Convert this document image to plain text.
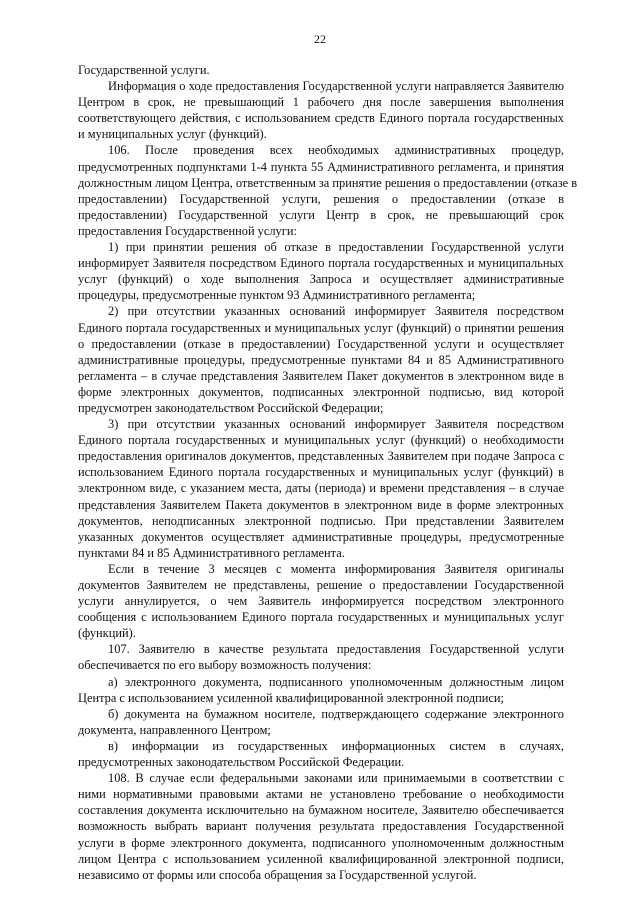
22
Государственной услуги.
Информация о ходе предоставления Государственной услуги направляется Заявителю
Центром в срок, не превышающий 1 рабочего дня после завершения выполнения
соответствующего действия, с использованием средств Единого портала государственных
и муниципальных услуг (функций).
106. После проведения всех необходимых административных процедур,
предусмотренных подпунктами 1-4 пункта 55 Административного регламента, и принятия
должностным лицом Центра, ответственным за принятие решения о предоставлении (отказе в
предоставлении) Государственной услуги, решения о предоставлении (отказе в
предоставлении) Государственной услуги Центр в срок, не превышающий срок
предоставления Государственной услуги:
1) при принятии решения об отказе в предоставлении Государственной услуги
информирует Заявителя посредством Единого портала государственных и муниципальных
услуг (функций) о ходе выполнения Запроса и осуществляет административные
процедуры, предусмотренные пунктом 93 Административного регламента;
2) при отсутствии указанных оснований информирует Заявителя посредством
Единого портала государственных и муниципальных услуг (функций) о принятии решения
о предоставлении (отказе в предоставлении) Государственной услуги и осуществляет
административные процедуры, предусмотренные пунктами 84 и 85 Административного
регламента – в случае представления Заявителем Пакет документов в электронном виде в
форме электронных документов, подписанных электронной подписью, вид которой
предусмотрен законодательством Российской Федерации;
3) при отсутствии указанных оснований информирует Заявителя посредством
Единого портала государственных и муниципальных услуг (функций) о необходимости
предоставления оригиналов документов, представленных Заявителем при подаче Запроса с
использованием Единого портала государственных и муниципальных услуг (функций) в
электронном виде, с указанием места, даты (периода) и времени представления – в случае
представления Заявителем Пакета документов в электронном виде в форме электронных
документов, неподписанных электронной подписью. При представлении Заявителем
указанных документов осуществляет административные процедуры, предусмотренные
пунктами 84 и 85 Административного регламента.
Если в течение 3 месяцев с момента информирования Заявителя оригиналы
документов Заявителем не представлены, решение о предоставлении Государственной
услуги аннулируется, о чем Заявитель информируется посредством электронного
сообщения с использованием Единого портала государственных и муниципальных услуг
(функций).
107. Заявителю в качестве результата предоставления Государственной услуги
обеспечивается по его выбору возможность получения:
а) электронного документа, подписанного уполномоченным должностным лицом
Центра с использованием усиленной квалифицированной электронной подписи;
б) документа на бумажном носителе, подтверждающего содержание электронного
документа, направленного Центром;
в) информации из государственных информационных систем в случаях,
предусмотренных законодательством Российской Федерации.
108. В случае если федеральными законами или принимаемыми в соответствии с
ними нормативными правовыми актами не установлено требование о необходимости
составления документа исключительно на бумажном носителе, Заявителю обеспечивается
возможность выбрать вариант получения результата предоставления Государственной
услуги в форме электронного документа, подписанного уполномоченным должностным
лицом Центра с использованием усиленной квалифицированной электронной подписи,
независимо от формы или способа обращения за Государственной услугой.
